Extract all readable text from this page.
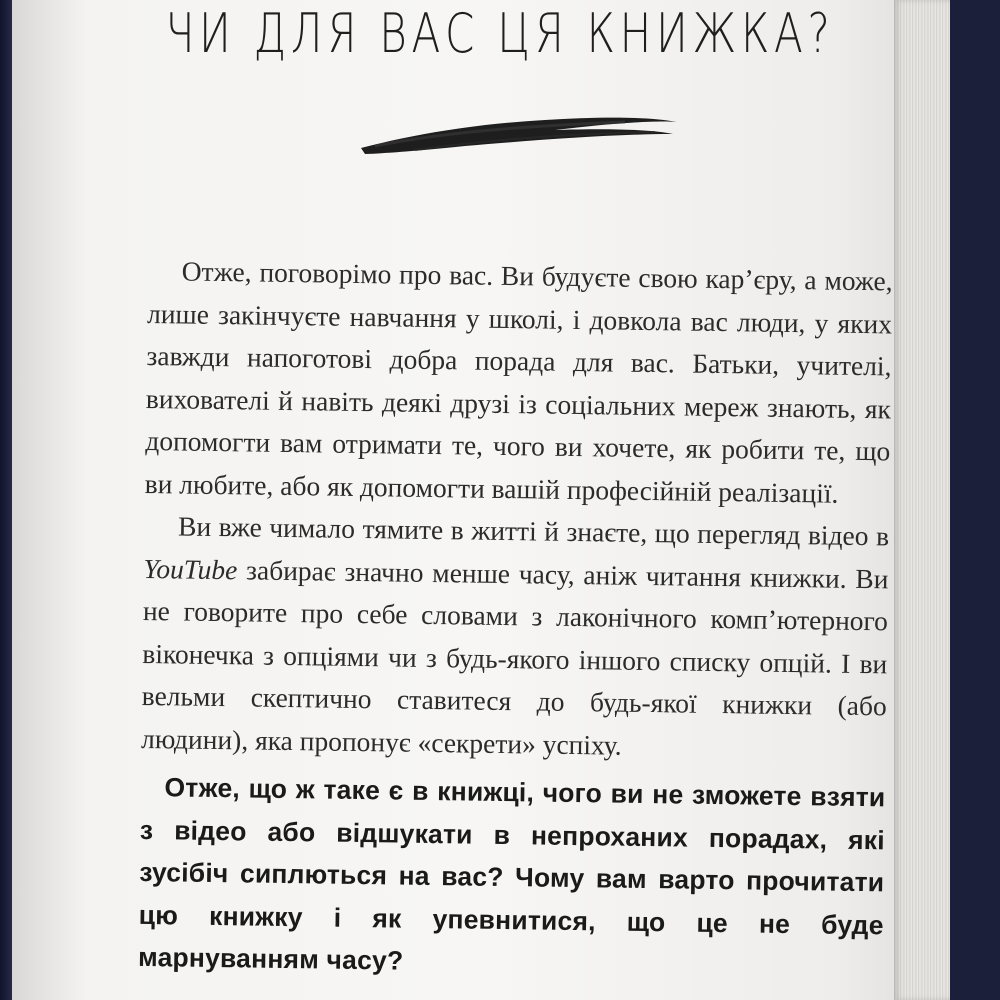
ЧИ ДЛЯ ВАС ЦЯ КНИЖКА?

Отже, поговорімо про вас. Ви будуєте свою кар’єру, а може, лише закінчуєте навчання у школі, і довкола вас люди, у яких завжди напоготові добра порада для вас. Батьки, учителі, вихователі й навіть деякі друзі із соціальних мереж знають, як допомогти вам отримати те, чого ви хочете, як робити те, що ви любите, або як допомогти вашій професійній реалізації.

Ви вже чимало тямите в житті й знаєте, що перегляд відео в YouTube забирає значно менше часу, аніж читання книжки. Ви не говорите про себе словами з лаконічного комп’ютерного віконечка з опціями чи з будь-якого іншого списку опцій. І ви вельми скептично ставитеся до будь-якої книжки (або людини), яка пропонує «секрети» успіху.

Отже, що ж таке є в книжці, чого ви не зможете взяти з відео або відшукати в непроханих порадах, які зусібіч сиплються на вас? Чому вам варто прочитати цю книжку і як упевнитися, що це не буде марнуванням часу?
